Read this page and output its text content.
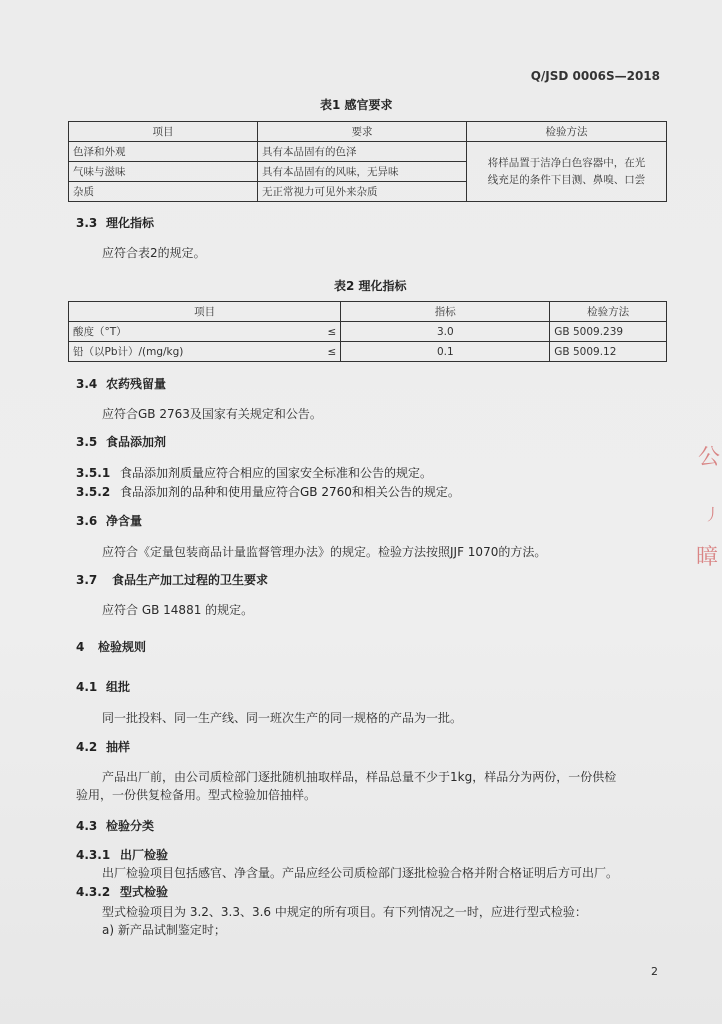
Q/JSD 0006S—2018
表1 感官要求
项目	要求	检验方法
色泽和外观	具有本品固有的色泽	将样品置于洁净白色容器中，在光
线充足的条件下目测、鼻嗅、口尝

气味与滋味	具有本品固有的风味，无异味	
杂质	无正常视力可见外来杂质	
3.3 理化指标
应符合表2的规定。
表2 理化指标
项目		指标	检验方法
酸度（°T）	≤	3.0	GB 5009.239
铅（以Pb计）/(mg/kg)	≤	0.1	GB 5009.12
3.4 农药残留量
应符合GB 2763及国家有关规定和公告。
3.5 食品添加剂
3.5.1 食品添加剂质量应符合相应的国家安全标准和公告的规定。
3.5.2 食品添加剂的品种和使用量应符合GB 2760和相关公告的规定。
3.6 净含量
应符合《定量包装商品计量监督管理办法》的规定。检验方法按照JJF 1070的方法。
3.7 食品生产加工过程的卫生要求
应符合 GB 14881 的规定。
4 检验规则
4.1 组批
同一批投料、同一生产线、同一班次生产的同一规格的产品为一批。
4.2 抽样
产品出厂前，由公司质检部门逐批随机抽取样品，样品总量不少于1kg，样品分为两份，一份供检
验用，一份供复检备用。型式检验加倍抽样。
4.3 检验分类
4.3.1 出厂检验
出厂检验项目包括感官、净含量。产品应经公司质检部门逐批检验合格并附合格证明后方可出厂。
4.3.2 型式检验
型式检验项目为 3.2、3.3、3.6 中规定的所有项目。有下列情况之一时，应进行型式检验：
a) 新产品试制鉴定时；
2
公
丿
暲
